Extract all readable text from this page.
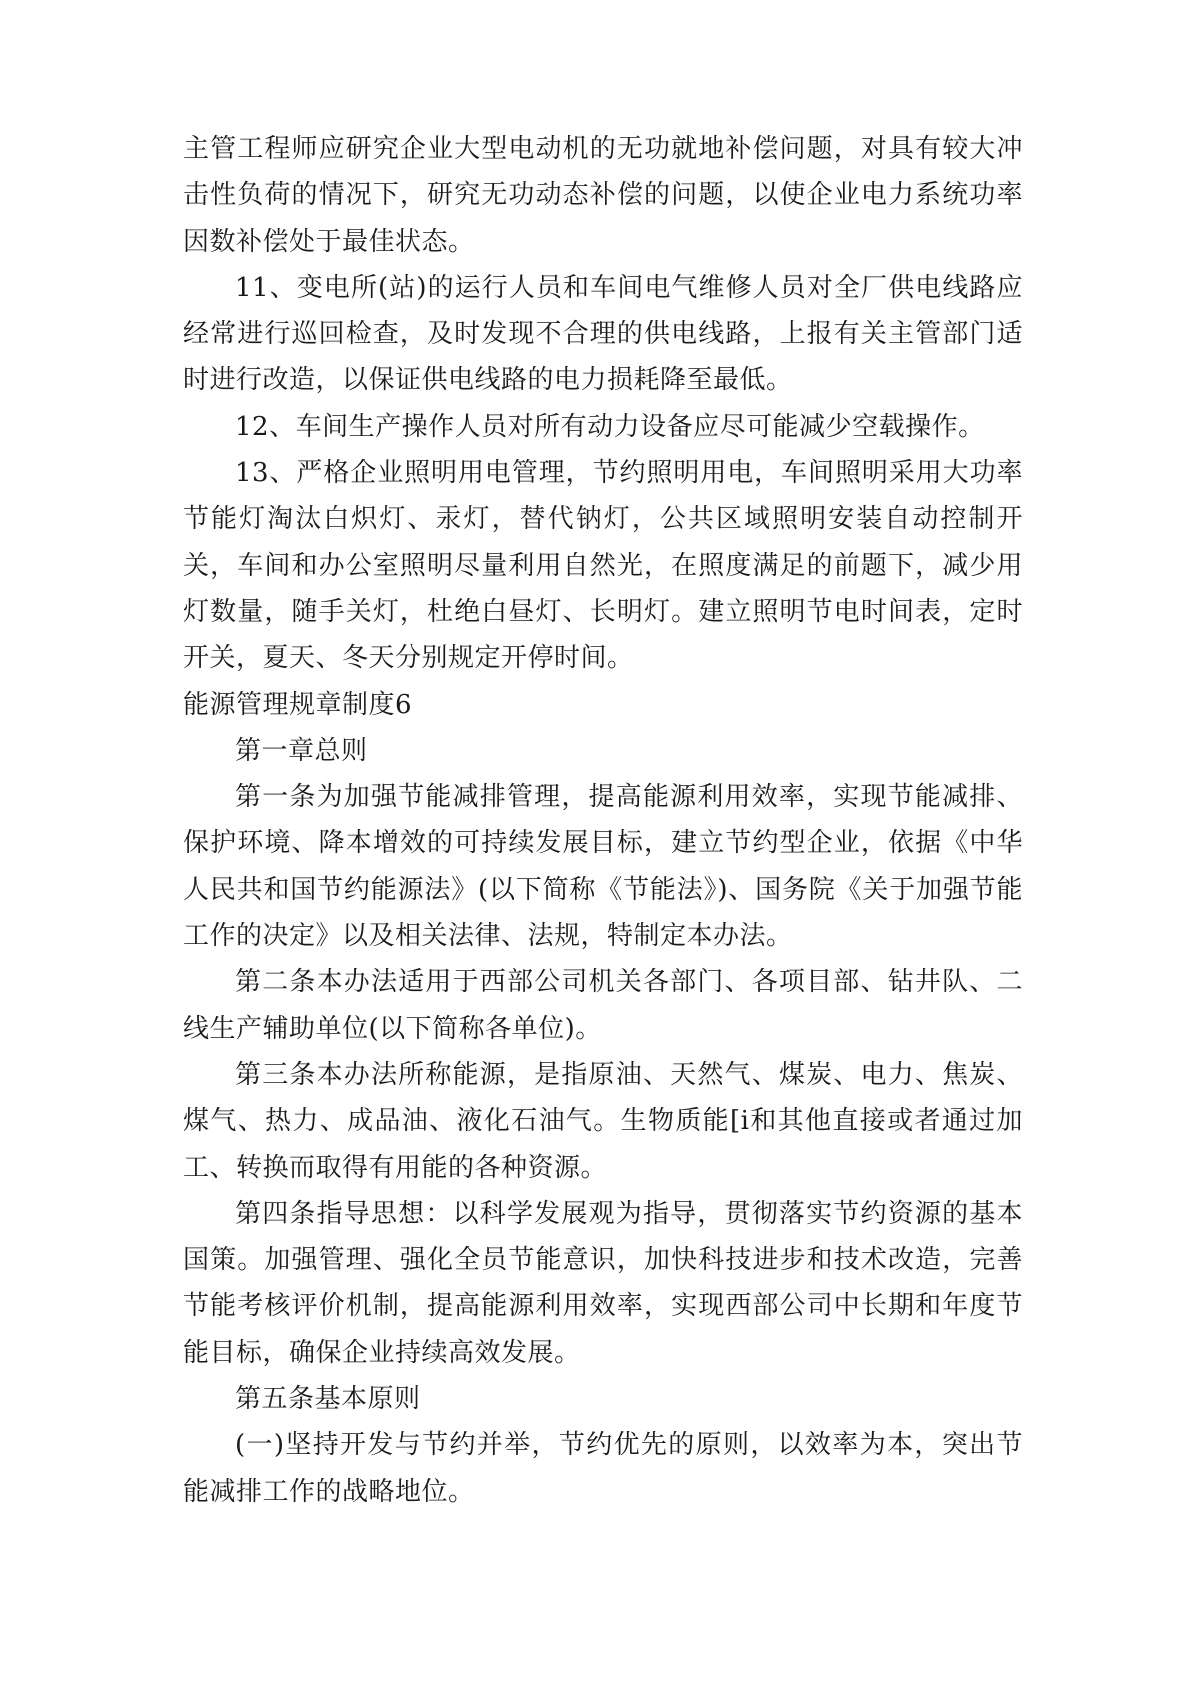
主管工程师应研究企业大型电动机的无功就地补偿问题，对具有较大冲击性负荷的情况下，研究无功动态补偿的问题，以使企业电力系统功率因数补偿处于最佳状态。

11、变电所(站)的运行人员和车间电气维修人员对全厂供电线路应经常进行巡回检查，及时发现不合理的供电线路，上报有关主管部门适时进行改造，以保证供电线路的电力损耗降至最低。

12、车间生产操作人员对所有动力设备应尽可能减少空载操作。

13、严格企业照明用电管理，节约照明用电，车间照明采用大功率节能灯淘汰白炽灯、汞灯，替代钠灯，公共区域照明安装自动控制开关，车间和办公室照明尽量利用自然光，在照度满足的前题下，减少用灯数量，随手关灯，杜绝白昼灯、长明灯。建立照明节电时间表，定时开关，夏天、冬天分别规定开停时间。

能源管理规章制度6

第一章总则

第一条为加强节能减排管理，提高能源利用效率，实现节能减排、保护环境、降本增效的可持续发展目标，建立节约型企业，依据《中华人民共和国节约能源法》(以下简称《节能法》)、国务院《关于加强节能工作的决定》以及相关法律、法规，特制定本办法。

第二条本办法适用于西部公司机关各部门、各项目部、钻井队、二线生产辅助单位(以下简称各单位)。

第三条本办法所称能源，是指原油、天然气、煤炭、电力、焦炭、煤气、热力、成品油、液化石油气。生物质能[i和其他直接或者通过加工、转换而取得有用能的各种资源。

第四条指导思想：以科学发展观为指导，贯彻落实节约资源的基本国策。加强管理、强化全员节能意识，加快科技进步和技术改造，完善节能考核评价机制，提高能源利用效率，实现西部公司中长期和年度节能目标，确保企业持续高效发展。

第五条基本原则

(一)坚持开发与节约并举，节约优先的原则，以效率为本，突出节能减排工作的战略地位。
